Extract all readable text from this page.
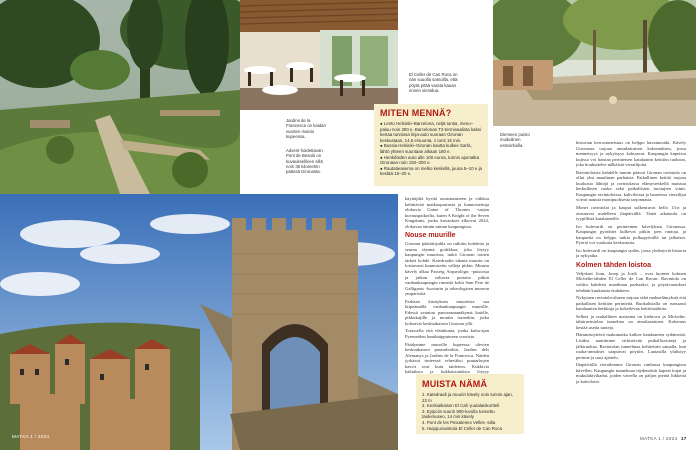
Jardins de la Francesca on kaidan vuorten mainio kupeessa.
Advent hoidettavan Pont de Besalú on kuvauksellinen sillä noin 35 kilometrin päässä Gironasta.
El Celler de Can Roca on nän suuolla samoilla, että pöytä pitää varata kauan ennen vierailua.
Diemeen puisto muikulinen estevirkoilla.
MITEN MENNÄ?
● Lento Helsinki–Barcelona, neljä tuntia, meno–paluu noin 300 e. Barcelonan T2-terminaalista kaksi kertaa tunnissa linja-auto suoraan Gironan keskustaan, 14,5 e/suunta, 1 tunti 15 min.
● Bussia Helsinki–Gironan kautta kulkee Sarfa, lähtö yhteen suuntaan aikaan 180 e.
● Henkilöiden auto alle 100 euroa, tunnin ajomatka Gironaan noin 150–200 e.
● Rautatieasema on melko keskellä, juuna 5–10 e ja kestää 15–20 e.

käyttäjiltä hyvää onnistumiseen ja viikkoa kehittävää matkaopastusta ja kunnostettuja elokuvia Game of Thrones -sarjan kuvauspaikoilta, kuten A Knight of the Seven Kingdoms, jonka kuvaukset alkoivat 2024, elokuvan tämän saman kaupungissa.

Nouse muurille

Gironan pääsiäisjuhla on tutkittu kohdetta ja seuraa täynnä gotiikkaa, joka löytyy kaupungin muurista, mikä Gironan toinen tärkeä kohde. Katedraalin takana muurin on loistavasti kunnostettu valleja pitkin. Muurin kävely alkaa Passeig Arqueològic -puistosta ja jatkuu valtavia portaita pitkin vanhankaupungin rinnettä kohti Sant Pere de Galligants -luostarin ja arkeologisen museon ympäristöä.

Parhaan käsityksen muureista saa kiipeämällä vanhankaupungin muurille. Edessä avautuu panoraamanäkymä katolle, pikkukujille ja moniin torneihin, jotka kohoavat keskiaikaisen Gironan yllä.

Torassella että eläinkunta, jonka kulta-ajan Pyreneiden lumihuippuineen vuoristo.

Päädymme muurille kupeessa olevien keskiaikaisen puutarhoihin, Jardins dels Alemanys ja Jardins de la Francesca. Näiden jyrkässä rinteessä reheväksi puutarhojen kasvit ovat kuin taideteos. Kukkivia kaktuksia ja kukkaistutuksia löytyy

MUISTA NÄMÄ
1. Katedraali ja muurin kävely noin tunnin ajan, 22 m
2. Keskiaikaisen El Call -juutalaiskortteli
3. Eyipciin suurin 900-luvulla tunnettu taidemuseo, 14 min kävely
4. Pont de les Peixateries Velles -silta
5. Huippuravintola El Celler de Can Roca

historian kerrostuneisuus on helppo havainnoida. Kävely Gironassa tarjoaa ainutlaatuisen kokemuksen, jossa menneisyys ja nykyisyys kohtaavat. Kaupungin kapeissa kujissa voi haistaa perinteisen katalaanin keittiön tuoksun, joka houkuttelee nälkäisiä vierailijoita.

Ravintoloista kahdelle tunnin päässä Gironan ravintola on ollut yksi maailman parhaista. Paikallinen keittiö tarjoaa kuuluisia lähtöjä ja ravintolassa elämysretkellä maistuu herkullinen ruoka sekä paikallisten tuottajien viinit. Kaupungin ravintoloissa, kahviloissa ja baareissa vierailijat voivat nauttia monipuolisesta tarjonnasta.

Monet ravintolat ja kaupat sulkeutuvat kello 13:n ja avautuvat uudelleen iltapäivällä. Tämä aikataulu on tyypillistä katalaaneille.

Iso bulevardi on perinteinen kävelykatu Gironassa. Kaupungin pyörätiet kulkevat pitkin joen rantoja, ja kaupunki on helppo tutkia polkupyörällä tai jalkaisin. Pyöriä voi vuokrata keskustasta.

Iso bulevardi on kaupungin sydän, jossa yhdistyvät historia ja nykyaika.

Kolmen tähden loistoa

Veljekset Joan, Josep ja Jordi – ovat luoneet kolmen Michelin-tähden El Celler de Can Rocan. Ravintola on valittu kahdesti maailman parhaaksi, ja pöytävaraukset tehdään kuukausia etukäteen.

Nykyinen ravintola-alueen tarjoaa sekä makuelämyksiä että paikallisen keittiön perinteitä. Ruokalistalla on runsaasti katalaanien herkkuja ja kokeilevaa keittiötaidetta.

Selkeä ja rauhallinen maisema on kiehtova ja Michelin-tähtiravintolan tunnelma on ainutlaatuinen. Kokemus kestää useita tunteja.

Hämmästyttävä makumatka kulkee katalaanien sydämestä. Lisäksi nauttimme virkistävää paikallisviinejä ja jälkiruokaa. Ravintolan tunnelmaa kehitettiin samalla, kun ruoka-annokset saapuivat pöytiin. Lautasilla yhdistyy perinne ja uusi ajattelu.

Iltapäivällä vierailemme Gironan vanhassa kaupungissa kävellen. Kaupungin tunnelmaa täydentävät kapeat kujat ja mukulakivikadut, joiden varrella on paljon pieniä liikkeitä ja kahviloita.

MATKA 1 / 2024	MATKA 1 / 2024 17
